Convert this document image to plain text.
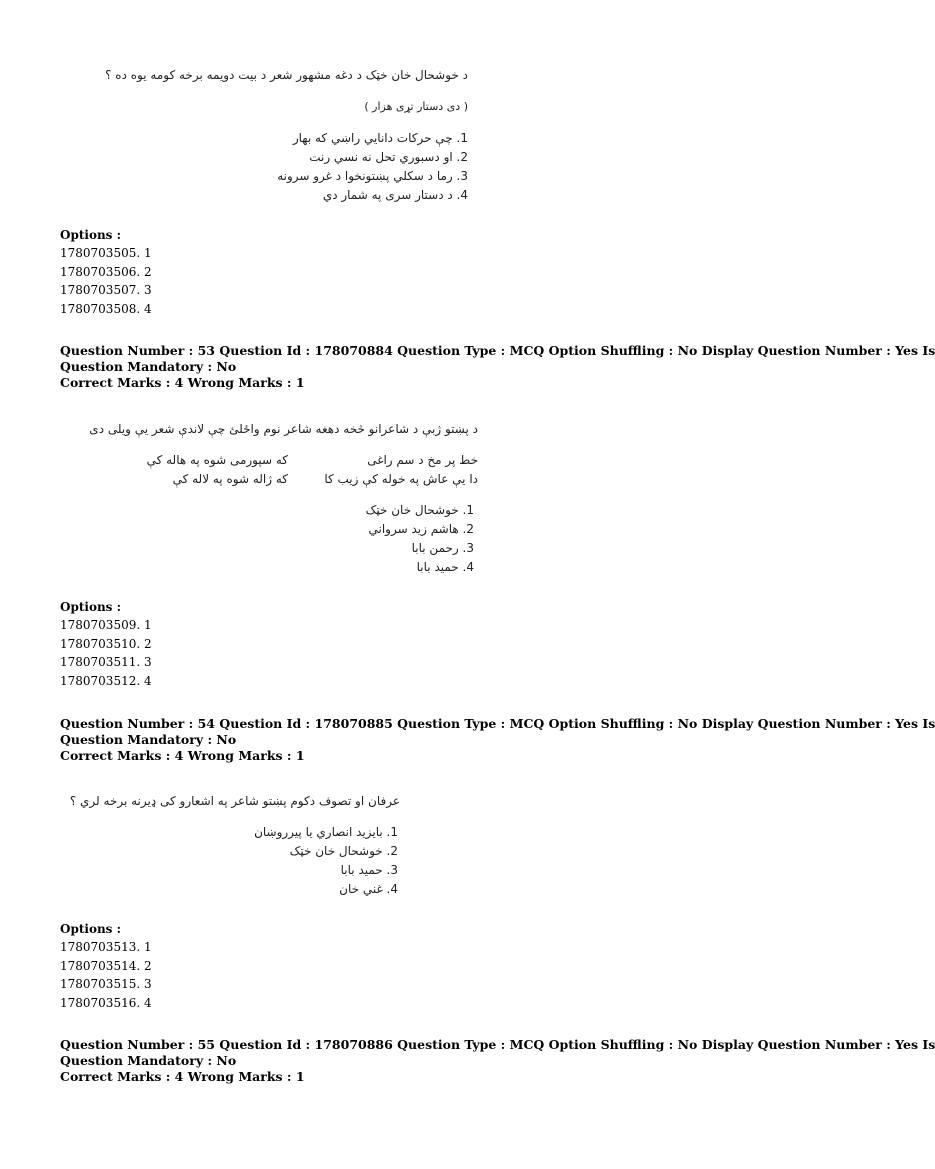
د خوشحال خان خټک د دغه مشهور شعر د بيت دويمه برخه کومه يوه ده ؟
( دی دستار تړی هزار )
1. چې حرکات دانايي راښي که بهار
2. او دسبوري تحل نه نسي رنت
3. رما د سکلي پښتونخوا د غرو سرونه
4. د دستار سری په شمار دي
Options :
1780703505. 1
1780703506. 2
1780703507. 3
1780703508. 4
Question Number : 53 Question Id : 178070884 Question Type : MCQ Option Shuffling : No Display Question Number : Yes Is
Question Mandatory : No
Correct Marks : 4 Wrong Marks : 1
د پښتو ژبې د شاعرانو څخه دهغه شاعر نوم واځلئ چې لاندې شعر يې ويلی دی
خط پر مخ د سم راغی
که سپورمی شوه په هاله کې
دا يې عاش په خوله کې زيب کا
که ژاله شوه په لاله کې
1. خوشحال خان خټک
2. هاشم زيد سرواني
3. رحمن بابا
4. حميد بابا
Options :
1780703509. 1
1780703510. 2
1780703511. 3
1780703512. 4
Question Number : 54 Question Id : 178070885 Question Type : MCQ Option Shuffling : No Display Question Number : Yes Is
Question Mandatory : No
Correct Marks : 4 Wrong Marks : 1
عرفان او تصوف دکوم پښتو شاعر په اشعارو کی ډيرنه برخه لري ؟
1. بايزيد انصاري يا پيرروښان
2. خوشحال خان خټک
3. حميد بابا
4. غني خان
Options :
1780703513. 1
1780703514. 2
1780703515. 3
1780703516. 4
Question Number : 55 Question Id : 178070886 Question Type : MCQ Option Shuffling : No Display Question Number : Yes Is
Question Mandatory : No
Correct Marks : 4 Wrong Marks : 1
